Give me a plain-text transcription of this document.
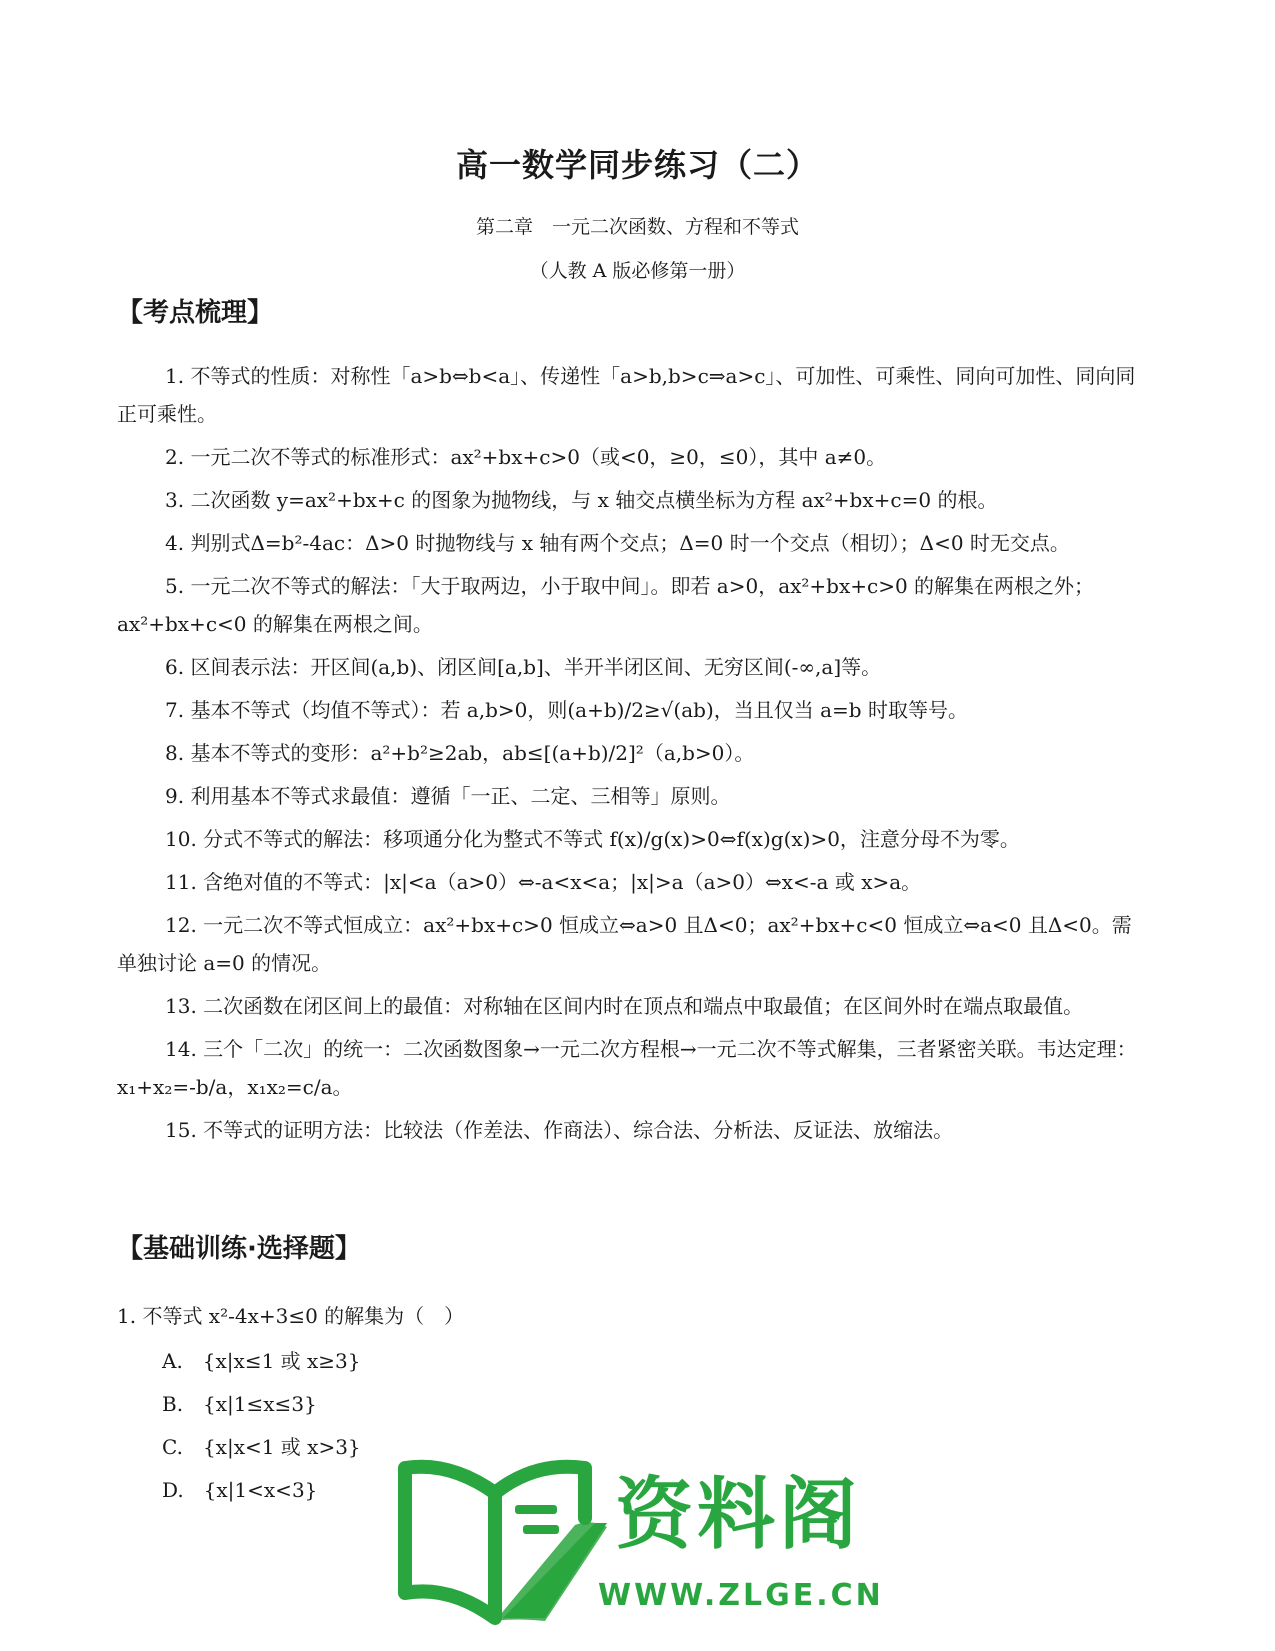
高一数学同步练习（二）
第二章　一元二次函数、方程和不等式
（人教 A 版必修第一册）
【考点梳理】

1. 不等式的性质：对称性「a>b⇔b<a」、传递性「a>b,b>c⇒a>c」、可加性、可乘性、同向可加性、同向同正可乘性。

2. 一元二次不等式的标准形式：ax²+bx+c>0（或<0，≥0，≤0），其中 a≠0。

3. 二次函数 y=ax²+bx+c 的图象为抛物线，与 x 轴交点横坐标为方程 ax²+bx+c=0 的根。

4. 判别式Δ=b²-4ac：Δ>0 时抛物线与 x 轴有两个交点；Δ=0 时一个交点（相切）；Δ<0 时无交点。

5. 一元二次不等式的解法：「大于取两边，小于取中间」。即若 a>0，ax²+bx+c>0 的解集在两根之外；ax²+bx+c<0 的解集在两根之间。

6. 区间表示法：开区间(a,b)、闭区间[a,b]、半开半闭区间、无穷区间(-∞,a]等。

7. 基本不等式（均值不等式）：若 a,b>0，则(a+b)/2≥√(ab)，当且仅当 a=b 时取等号。

8. 基本不等式的变形：a²+b²≥2ab，ab≤[(a+b)/2]²（a,b>0）。

9. 利用基本不等式求最值：遵循「一正、二定、三相等」原则。

10. 分式不等式的解法：移项通分化为整式不等式 f(x)/g(x)>0⇔f(x)g(x)>0，注意分母不为零。

11. 含绝对值的不等式：|x|<a（a>0）⇔-a<x<a；|x|>a（a>0）⇔x<-a 或 x>a。

12. 一元二次不等式恒成立：ax²+bx+c>0 恒成立⇔a>0 且Δ<0；ax²+bx+c<0 恒成立⇔a<0 且Δ<0。需单独讨论 a=0 的情况。

13. 二次函数在闭区间上的最值：对称轴在区间内时在顶点和端点中取最值；在区间外时在端点取最值。

14. 三个「二次」的统一：二次函数图象→一元二次方程根→一元二次不等式解集，三者紧密关联。韦达定理：x₁+x₂=-b/a，x₁x₂=c/a。

15. 不等式的证明方法：比较法（作差法、作商法）、综合法、分析法、反证法、放缩法。

【基础训练·选择题】
1. 不等式 x²-4x+3≤0 的解集为（　）
A.　{x|x≤1 或 x≥3}
B.　{x|1≤x≤3}
C.　{x|x<1 或 x>3}
D.　{x|1<x<3}	资料阁
WWW.ZLGE.CN
